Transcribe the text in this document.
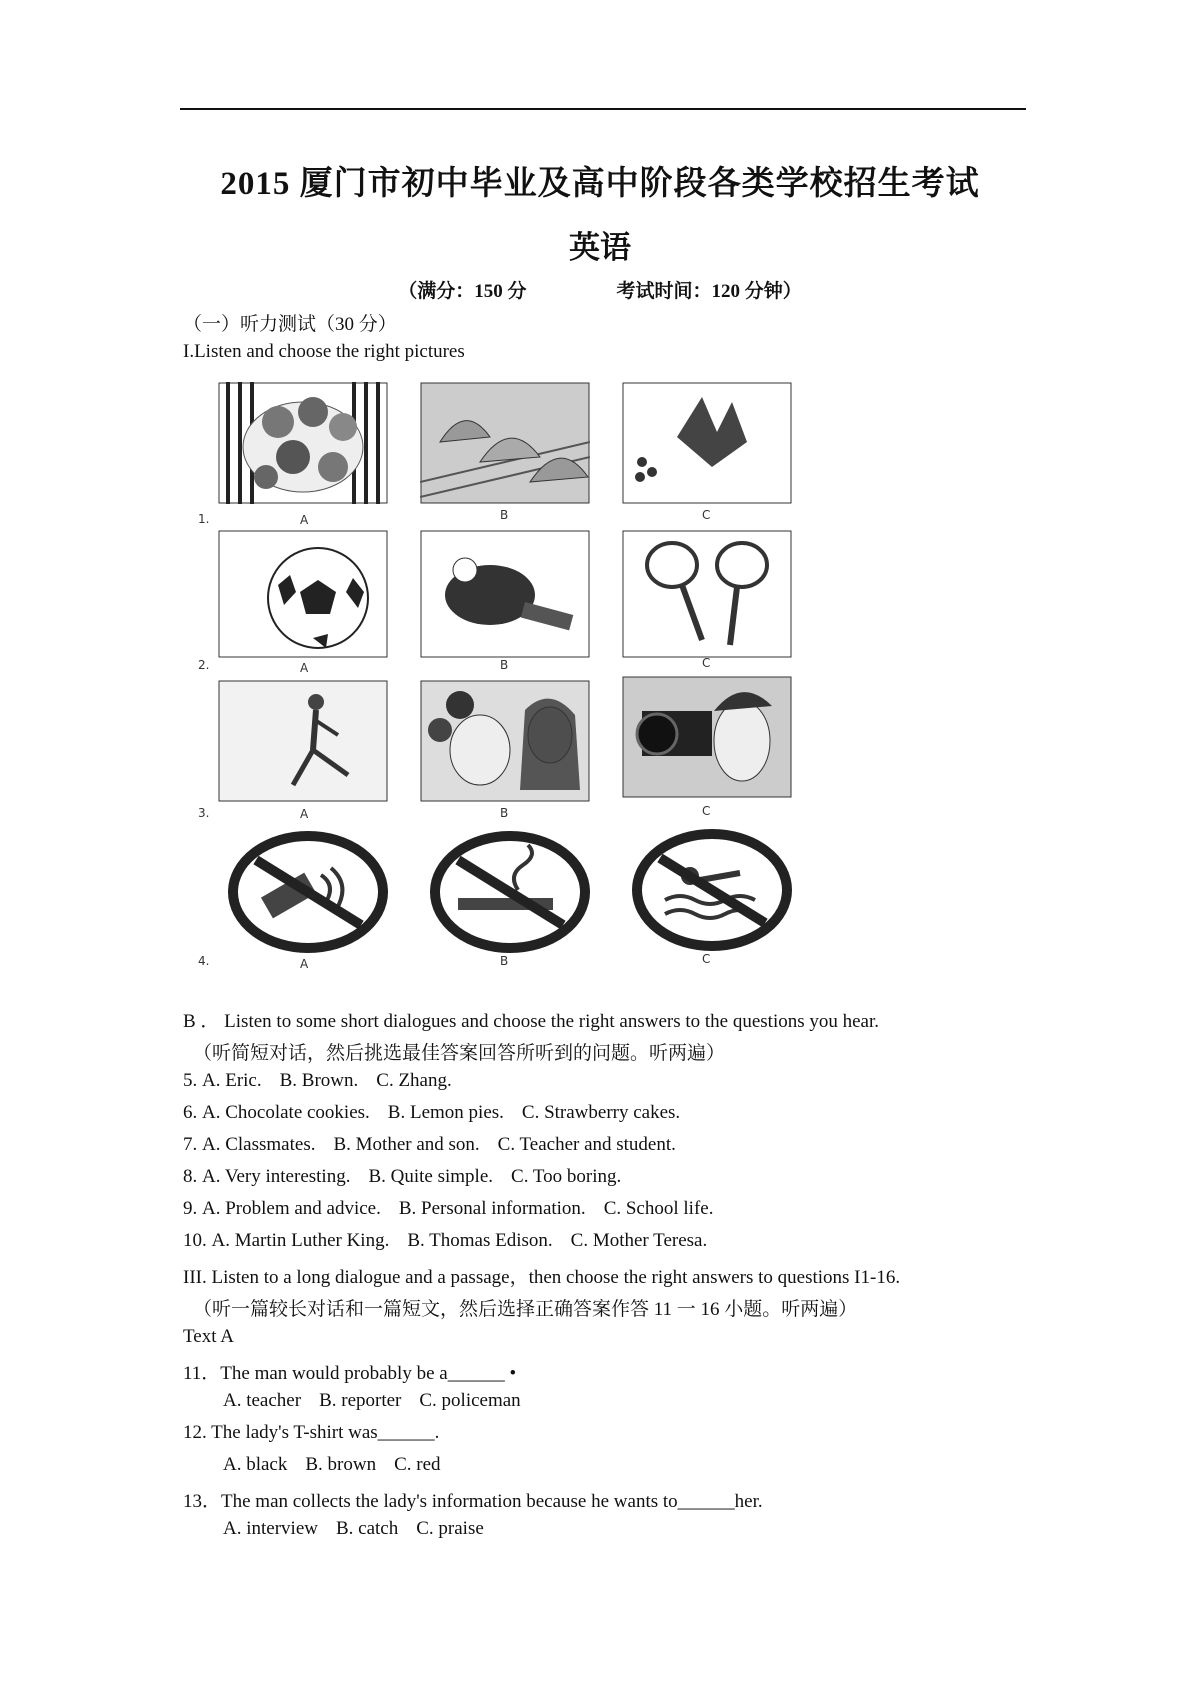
2015 厦门市初中毕业及高中阶段各类学校招生考试
英语
（满分：150 分	考试时间：120 分钟）
（一）听力测试（30 分）
I.Listen and choose the right pictures
1.	A	B	C
2.	A	B	C
3.	A	B	C
4.	A	B	C
B ． Listen to some short dialogues and choose the right answers to the questions you hear.
（听简短对话，然后挑选最佳答案回答所听到的问题。听两遍）
5. A. Eric. B. Brown. C. Zhang.
6. A. Chocolate cookies. B. Lemon pies. C. Strawberry cakes.
7. A. Classmates. B. Mother and son. C. Teacher and student.
8. A. Very interesting. B. Quite simple. C. Too boring.
9. A. Problem and advice. B. Personal information. C. School life.
10. A. Martin Luther King. B. Thomas Edison. C. Mother Teresa.
III. Listen to a long dialogue and a passage，then choose the right answers to questions I1-16.
（听一篇较长对话和一篇短文，然后选择正确答案作答 11 一 16 小题。听两遍）
Text A
11．The man would probably be a______ •
A. teacher B. reporter C. policeman
12. The lady's T-shirt was______.
A. black B. brown C. red
13．The man collects the lady's information because he wants to______her.
A. interview B. catch C. praise
